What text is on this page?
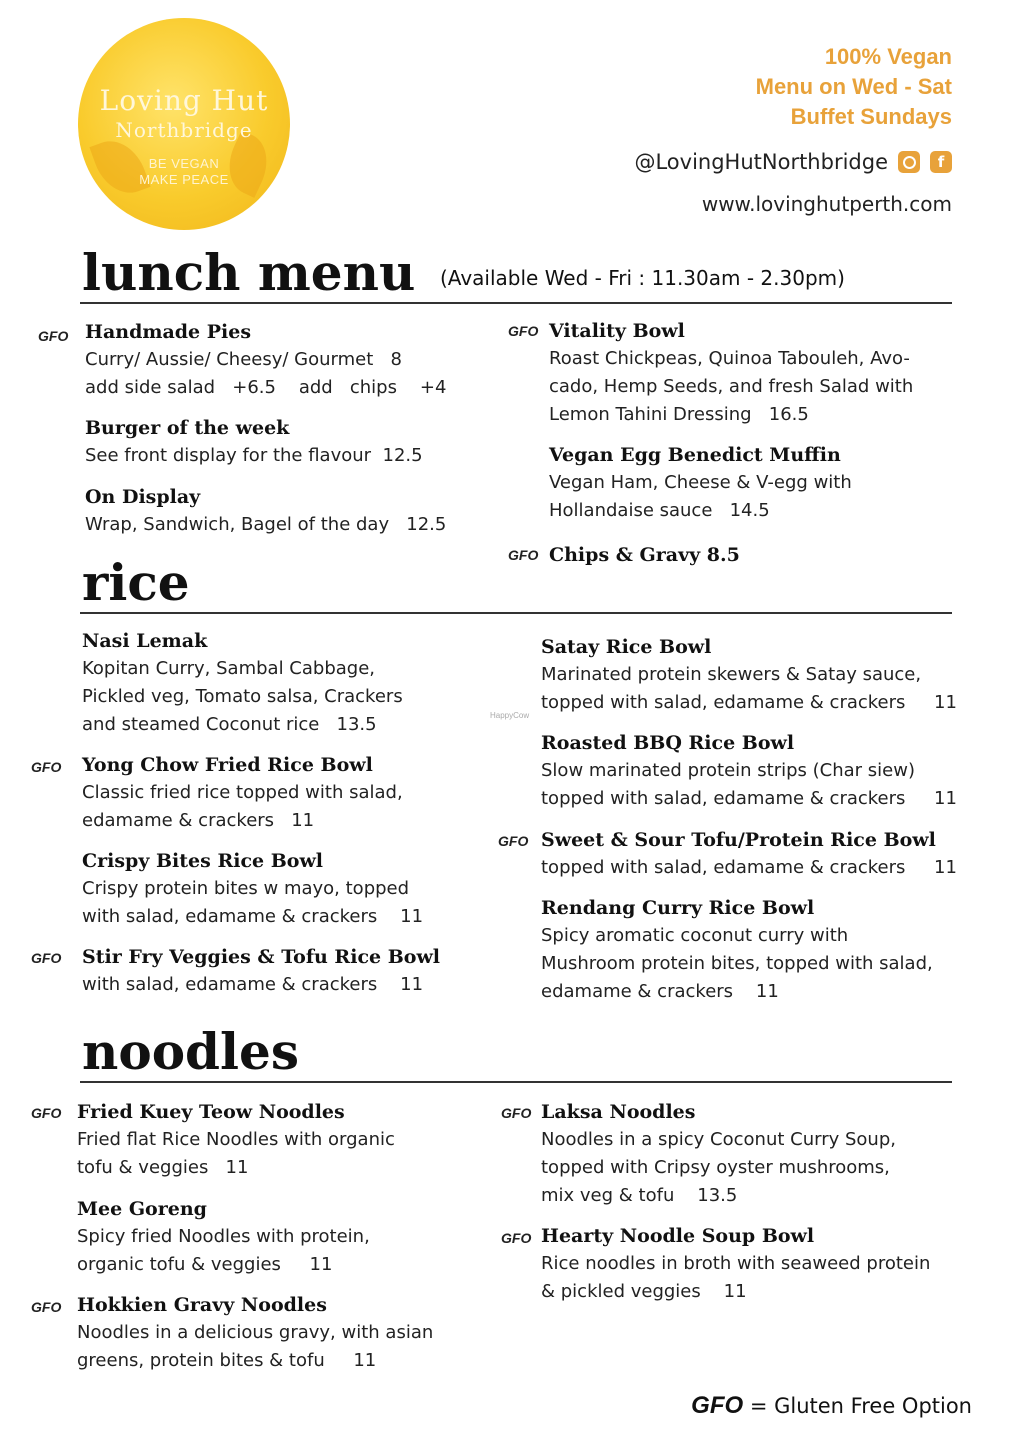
Loving Hut
Northbridge
BE VEGAN
MAKE PEACE
100% Vegan
Menu on Wed - Sat
Buffet Sundays
@LovingHutNorthbridge	f
www.lovinghutperth.com
lunch menu (Available Wed - Fri : 11.30am - 2.30pm)
GFO Handmade Pies
Curry/ Aussie/ Cheesy/ Gourmet   8
add side salad   +6.5    add   chips    +4
Burger of the week
See front display for the flavour  12.5
On Display
Wrap, Sandwich, Bagel of the day   12.5
GFO Vitality Bowl
Roast Chickpeas, Quinoa Tabouleh, Avo-
cado, Hemp Seeds, and fresh Salad with
Lemon Tahini Dressing   16.5
Vegan Egg Benedict Muffin
Vegan Ham, Cheese & V-egg with
Hollandaise sauce   14.5
GFO Chips & Gravy 8.5
rice
Nasi Lemak
Kopitan Curry, Sambal Cabbage,
Pickled veg, Tomato salsa, Crackers
and steamed Coconut rice   13.5
GFO Yong Chow Fried Rice Bowl
Classic fried rice topped with salad,
edamame & crackers   11
Crispy Bites Rice Bowl
Crispy protein bites w mayo, topped
with salad, edamame & crackers    11
GFO Stir Fry Veggies & Tofu Rice Bowl
with salad, edamame & crackers    11
Satay Rice Bowl
Marinated protein skewers & Satay sauce,
topped with salad, edamame & crackers     11
HappyCow
Roasted BBQ Rice Bowl
Slow marinated protein strips (Char siew)
topped with salad, edamame & crackers     11
GFO Sweet & Sour Tofu/Protein Rice Bowl
topped with salad, edamame & crackers     11
Rendang Curry Rice Bowl
Spicy aromatic coconut curry with
Mushroom protein bites, topped with salad,
edamame & crackers    11
noodles
GFO Fried Kuey Teow Noodles
Fried flat Rice Noodles with organic
tofu & veggies   11
Mee Goreng
Spicy fried Noodles with protein,
organic tofu & veggies     11
GFO Hokkien Gravy Noodles
Noodles in a delicious gravy, with asian
greens, protein bites & tofu     11
GFO Laksa Noodles
Noodles in a spicy Coconut Curry Soup,
topped with Cripsy oyster mushrooms,
mix veg & tofu    13.5
GFO Hearty Noodle Soup Bowl
Rice noodles in broth with seaweed protein
& pickled veggies    11
GFO = Gluten Free Option
